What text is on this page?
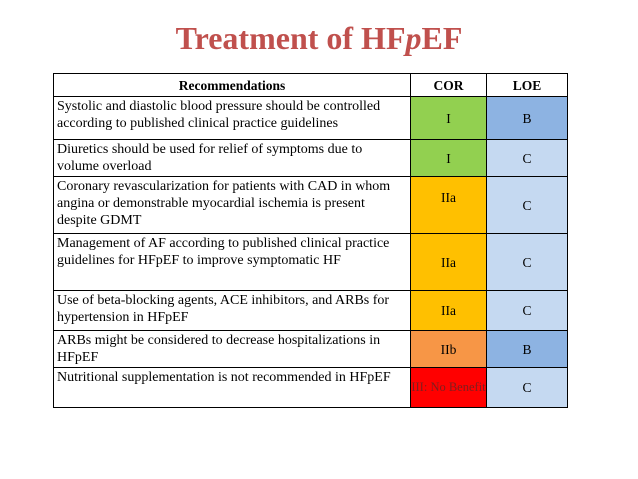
Treatment of HFpEF
Recommendations	COR	LOE
Systolic and diastolic blood pressure should be controlled according to published clinical practice guidelines	I	B
Diuretics should be used for relief of symptoms due to volume overload	I	C
Coronary revascularization for patients with CAD in whom angina or demonstrable myocardial ischemia is present despite GDMT	IIa	C
Management of AF according to published clinical practice guidelines for HFpEF to improve symptomatic HF	IIa	C
Use of beta-blocking agents, ACE inhibitors, and ARBs for hypertension in HFpEF	IIa	C
ARBs might be considered to decrease hospitalizations in HFpEF	IIb	B
Nutritional supplementation is not recommended in HFpEF	III: No Benefit	C
